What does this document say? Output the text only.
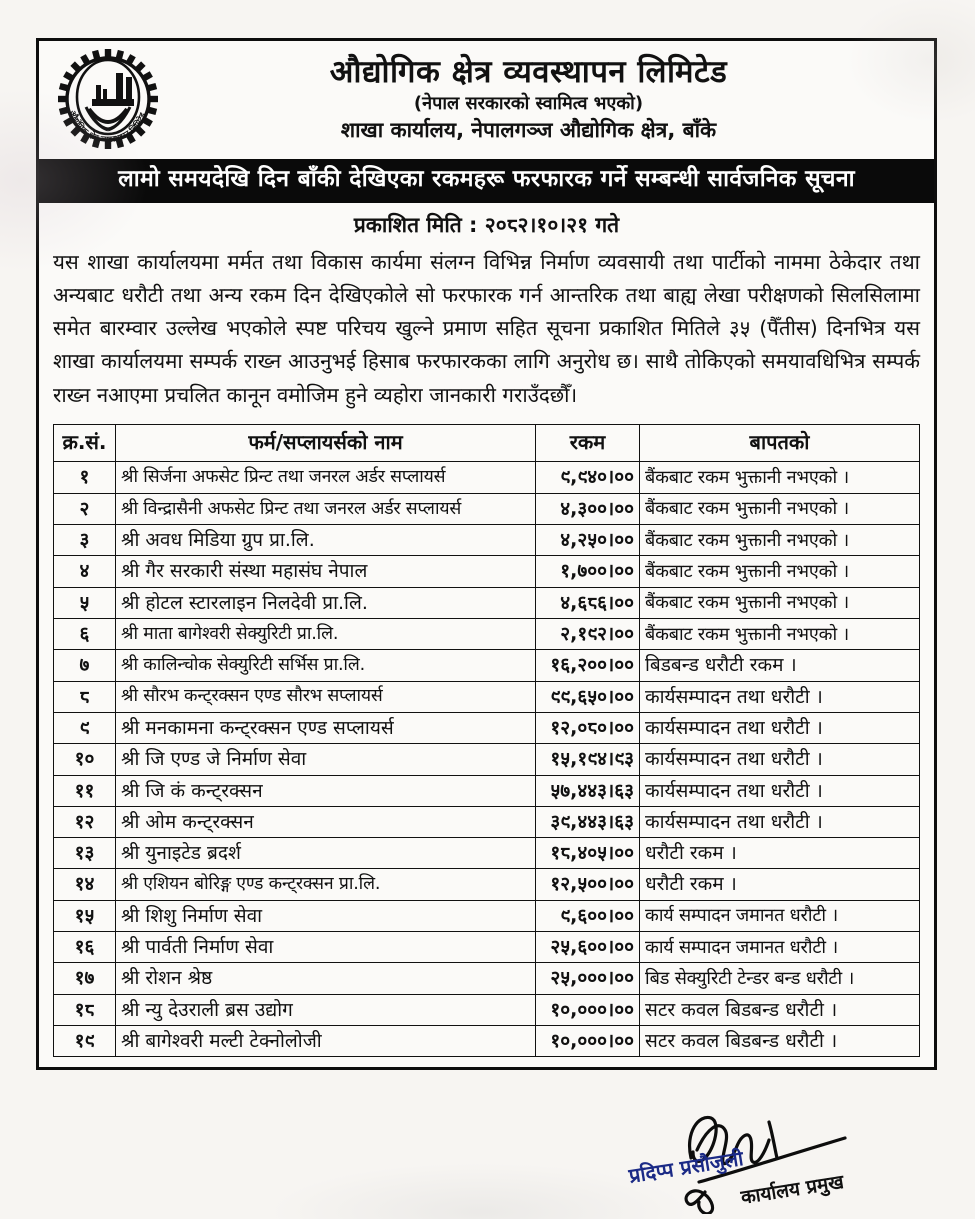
औद्योगिक क्षेत्र व्यवस्थापन लिमिटेड
औद्योगिक क्षेत्र व्यवस्थापन लिमिटेड
(नेपाल सरकारको स्वामित्व भएको)
शाखा कार्यालय, नेपालगञ्ज औद्योगिक क्षेत्र, बाँके
लामो समयदेखि दिन बाँकी देखिएका रकमहरू फरफारक गर्ने सम्बन्धी सार्वजनिक सूचना
प्रकाशित मिति : २०८२।१०।२१ गते

यस शाखा कार्यालयमा मर्मत तथा विकास कार्यमा संलग्न विभिन्न निर्माण व्यवसायी तथा पार्टीको नाममा ठेकेदार तथा अन्यबाट धरौटी तथा अन्य रकम दिन देखिएकोले सो फरफारक गर्न आन्तरिक तथा बाह्य लेखा परीक्षणको सिलसिलामा समेत बारम्वार उल्लेख भएकोले स्पष्ट परिचय खुल्ने प्रमाण सहित सूचना प्रकाशित मितिले ३५ (पैँतीस) दिनभित्र यस शाखा कार्यालयमा सम्पर्क राख्न आउनुभई हिसाब फरफारकका लागि अनुरोध छ। साथै तोकिएको समयावधिभित्र सम्पर्क राख्न नआएमा प्रचलित कानून वमोजिम हुने व्यहोरा जानकारी गराउँदछौँ।

क्र.सं.	फर्म/सप्लायर्सको नाम	रकम	बापतको
१	श्री सिर्जना अफसेट प्रिन्ट तथा जनरल अर्डर सप्लायर्स	९,९४०।००	बैंकबाट रकम भुक्तानी नभएको ।
२	श्री विन्द्रासैनी अफसेट प्रिन्ट तथा जनरल अर्डर सप्लायर्स	४,३००।००	बैंकबाट रकम भुक्तानी नभएको ।
३	श्री अवध मिडिया ग्रुप प्रा.लि.	४,२५०।००	बैंकबाट रकम भुक्तानी नभएको ।
४	श्री गैर सरकारी संस्था महासंघ नेपाल	१,७००।००	बैंकबाट रकम भुक्तानी नभएको ।
५	श्री होटल स्टारलाइन निलदेवी प्रा.लि.	४,६८६।००	बैंकबाट रकम भुक्तानी नभएको ।
६	श्री माता बागेश्वरी सेक्युरिटी प्रा.लि.	२,१९२।००	बैंकबाट रकम भुक्तानी नभएको ।
७	श्री कालिन्चोक सेक्युरिटी सर्भिस प्रा.लि.	१६,२००।००	बिडबन्ड धरौटी रकम ।
८	श्री सौरभ कन्ट्रक्सन एण्ड सौरभ सप्लायर्स	९९,६५०।००	कार्यसम्पादन तथा धरौटी ।
९	श्री मनकामना कन्ट्रक्सन एण्ड सप्लायर्स	१२,०८०।००	कार्यसम्पादन तथा धरौटी ।
१०	श्री जि एण्ड जे निर्माण सेवा	१५,१९४।९३	कार्यसम्पादन तथा धरौटी ।
११	श्री जि कं कन्ट्रक्सन	५७,४४३।६३	कार्यसम्पादन तथा धरौटी ।
१२	श्री ओम कन्ट्रक्सन	३९,४४३।६३	कार्यसम्पादन तथा धरौटी ।
१३	श्री युनाइटेड ब्रदर्श	१८,४०५।००	धरौटी रकम ।
१४	श्री एशियन बोरिङ्ग एण्ड कन्ट्रक्सन प्रा.लि.	१२,५००।००	धरौटी रकम ।
१५	श्री शिशु निर्माण सेवा	९,६००।००	कार्य सम्पादन जमानत धरौटी ।
१६	श्री पार्वती निर्माण सेवा	२५,६००।००	कार्य सम्पादन जमानत धरौटी ।
१७	श्री रोशन श्रेष्ठ	२५,०००।००	बिड सेक्युरिटी टेन्डर बन्ड धरौटी ।
१८	श्री न्यु देउराली ब्रस उद्योग	१०,०००।००	सटर कवल बिडबन्ड धरौटी ।
१९	श्री बागेश्वरी मल्टी टेक्नोलोजी	१०,०००।००	सटर कवल बिडबन्ड धरौटी ।
प्रदिप्प प्रसौजुली
कार्यालय प्रमुख
